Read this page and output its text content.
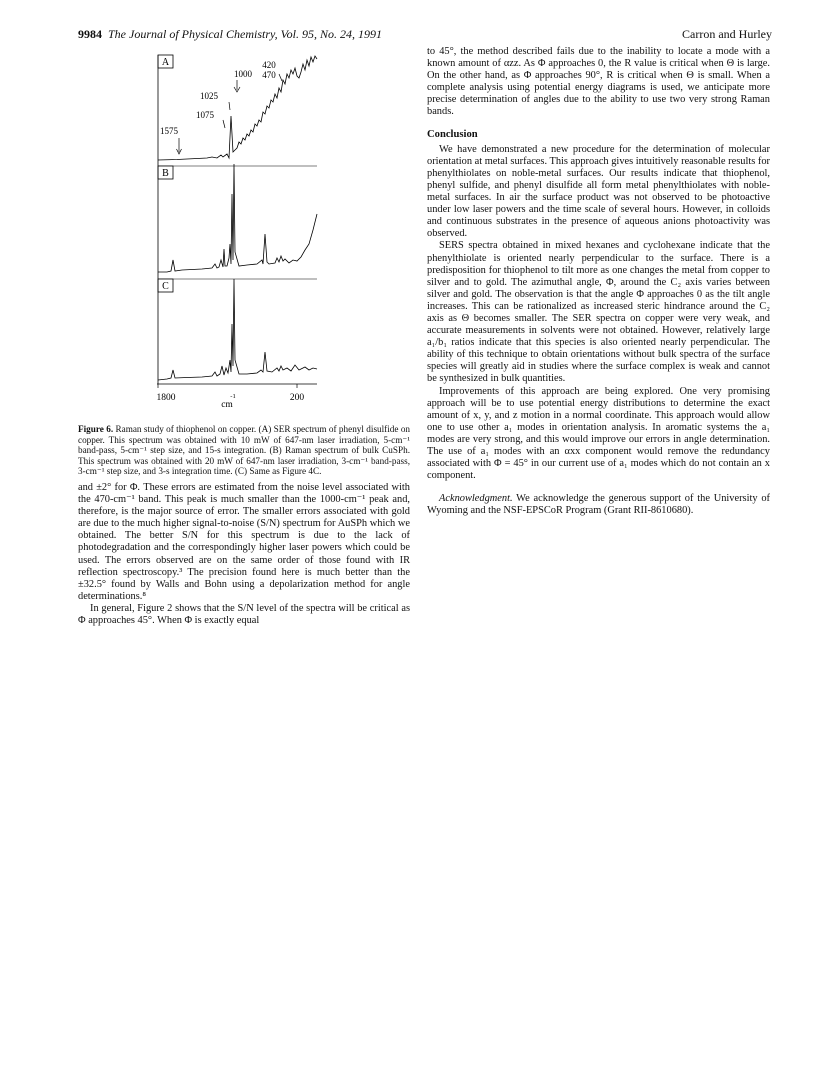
9984 The Journal of Physical Chemistry, Vol. 95, No. 24, 1991	Carron and Hurley
A	420
470
1000
1025
1075
1575
B
C
1800	200
-1
cm
Figure 6. Raman study of thiophenol on copper. (A) SER spectrum of phenyl disulfide on copper. This spectrum was obtained with 10 mW of 647-nm laser irradiation, 5-cm⁻¹ band-pass, 5-cm⁻¹ step size, and 15-s integration. (B) Raman spectrum of bulk CuSPh. This spectrum was obtained with 20 mW of 647-nm laser irradiation, 3-cm⁻¹ band-pass, 3-cm⁻¹ step size, and 3-s integration time. (C) Same as Figure 4C.

and ±2° for Φ. These errors are estimated from the noise level associated with the 470-cm⁻¹ band. This peak is much smaller than the 1000-cm⁻¹ peak and, therefore, is the major source of error. The smaller errors associated with gold are due to the much higher signal-to-noise (S/N) spectrum for AuSPh which we obtained. The better S/N for this spectrum is due to the lack of photodegradation and the correspondingly higher laser powers which could be used. The errors observed are on the same order of those found with IR reflection spectroscopy.³ The precision found here is much better than the ±32.5° found by Walls and Bohn using a depolarization method for angle determinations.⁸

In general, Figure 2 shows that the S/N level of the spectra will be critical as Φ approaches 45°. When Φ is exactly equal

to 45°, the method described fails due to the inability to locate a mode with a known amount of αzz. As Φ approaches 0, the R value is critical when Θ is large. On the other hand, as Φ approaches 90°, R is critical when Θ is small. When a complete analysis using potential energy diagrams is used, we anticipate more precise determination of angles due to the ability to use two very strong Raman bands.

Conclusion

We have demonstrated a new procedure for the determination of molecular orientation at metal surfaces. This approach gives intuitively reasonable results for phenylthiolates on noble-metal surfaces. Our results indicate that thiophenol, phenyl sulfide, and phenyl disulfide all form metal phenylthiolates with noble-metal surfaces. In air the surface product was not observed to be photoactive under low laser powers and the time scale of several hours. However, in colloids and continuous substrates in the presence of aqueous anions photoactivity was observed.

SERS spectra obtained in mixed hexanes and cyclohexane indicate that the phenylthiolate is oriented nearly perpendicular to the surface. There is a predisposition for thiophenol to tilt more as one changes the metal from copper to silver and to gold. The azimuthal angle, Φ, around the C₂ axis varies between silver and gold. The observation is that the angle Φ approaches 0 as the tilt angle increases. This can be rationalized as increased steric hindrance around the C₂ axis as Θ becomes smaller. The SER spectra on copper were very weak, and accurate measurements in solvents were not obtained. However, relatively large a₁/b₁ ratios indicate that this species is also oriented nearly perpendicular. The ability of this technique to obtain orientations without bulk spectra of the surface species will greatly aid in studies where the surface complex is weak and cannot be synthesized in bulk quantities.

Improvements of this approach are being explored. One very promising approach will be to use potential energy distributions to determine the exact amount of x, y, and z motion in a normal coordinate. This approach would allow one to use other a₁ modes in orientation analysis. In aromatic systems the a₁ modes are very strong, and this would improve our errors in angle determination. The use of a₁ modes with an αxx component would remove the redundancy associated with Φ = 45° in our current use of a₁ modes which do not contain an x component.

Acknowledgment. We acknowledge the generous support of the University of Wyoming and the NSF-EPSCoR Program (Grant RII-8610680).
